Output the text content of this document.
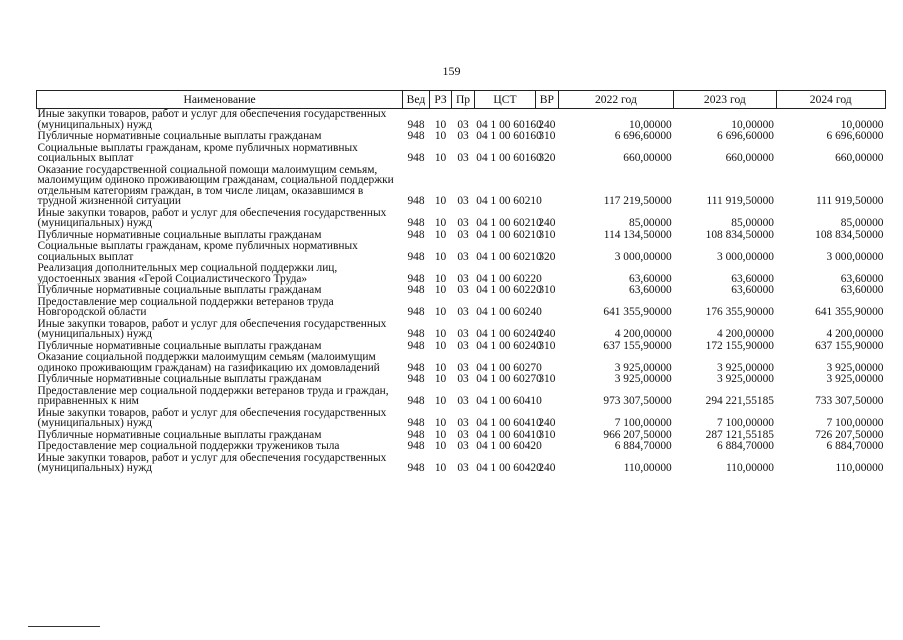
159
Наименование	Вед	РЗ	Пр	ЦСТ	ВР	2022 год	2023 год	2024 год
Иные закупки товаров, работ и услуг для обеспечения государственных (муниципальных) нужд	948	10	03	04 1 00 60160	240	10,00000	10,00000	10,00000
Публичные нормативные социальные выплаты гражданам	948	10	03	04 1 00 60160	310	6 696,60000	6 696,60000	6 696,60000
Социальные выплаты гражданам, кроме публичных нормативных социальных выплат	948	10	03	04 1 00 60160	320	660,00000	660,00000	660,00000
Оказание государственной социальной помощи малоимущим семьям, малоимущим одиноко проживающим гражданам, социальной поддержки отдельным категориям граждан, в том числе лицам, оказавшимся в трудной жизненной ситуации	948	10	03	04 1 00 60210		117 219,50000	111 919,50000	111 919,50000
Иные закупки товаров, работ и услуг для обеспечения государственных (муниципальных) нужд	948	10	03	04 1 00 60210	240	85,00000	85,00000	85,00000
Публичные нормативные социальные выплаты гражданам	948	10	03	04 1 00 60210	310	114 134,50000	108 834,50000	108 834,50000
Социальные выплаты гражданам, кроме публичных нормативных социальных выплат	948	10	03	04 1 00 60210	320	3 000,00000	3 000,00000	3 000,00000
Реализация дополнительных мер социальной поддержки лиц, удостоенных звания «Герой Социалистического Труда»	948	10	03	04 1 00 60220		63,60000	63,60000	63,60000
Публичные нормативные социальные выплаты гражданам	948	10	03	04 1 00 60220	310	63,60000	63,60000	63,60000
Предоставление мер социальной поддержки ветеранов труда Новгородской области	948	10	03	04 1 00 60240		641 355,90000	176 355,90000	641 355,90000
Иные закупки товаров, работ и услуг для обеспечения государственных (муниципальных) нужд	948	10	03	04 1 00 60240	240	4 200,00000	4 200,00000	4 200,00000
Публичные нормативные социальные выплаты гражданам	948	10	03	04 1 00 60240	310	637 155,90000	172 155,90000	637 155,90000
Оказание социальной поддержки малоимущим семьям (малоимущим одиноко проживающим гражданам) на газификацию их домовладений	948	10	03	04 1 00 60270		3 925,00000	3 925,00000	3 925,00000
Публичные нормативные социальные выплаты гражданам	948	10	03	04 1 00 60270	310	3 925,00000	3 925,00000	3 925,00000
Предоставление мер социальной поддержки ветеранов труда и граждан, приравненных к ним	948	10	03	04 1 00 60410		973 307,50000	294 221,55185	733 307,50000
Иные закупки товаров, работ и услуг для обеспечения государственных (муниципальных) нужд	948	10	03	04 1 00 60410	240	7 100,00000	7 100,00000	7 100,00000
Публичные нормативные социальные выплаты гражданам	948	10	03	04 1 00 60410	310	966 207,50000	287 121,55185	726 207,50000
Предоставление мер социальной поддержки тружеников тыла	948	10	03	04 1 00 60420		6 884,70000	6 884,70000	6 884,70000
Иные закупки товаров, работ и услуг для обеспечения государственных (муниципальных) нужд	948	10	03	04 1 00 60420	240	110,00000	110,00000	110,00000
